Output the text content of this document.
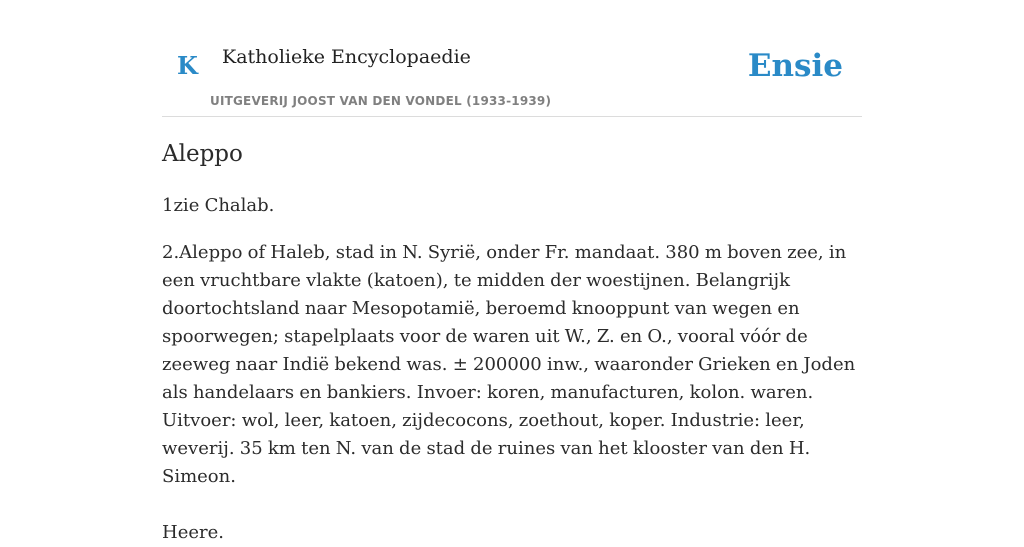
K Katholieke Encyclopaedie
UITGEVERIJ JOOST VAN DEN VONDEL (1933-1939)
Ensie
Aleppo

1zie Chalab.

2.Aleppo of Haleb, stad in N. Syrië, onder Fr. mandaat. 380 m boven zee, in een vruchtbare vlakte (katoen), te midden der woestijnen. Belangrijk doortochtsland naar Mesopotamië, beroemd knooppunt van wegen en spoorwegen; stapelplaats voor de waren uit W., Z. en O., vooral vóór de zeeweg naar Indië bekend was. ± 200000 inw., waaronder Grieken en Joden als handelaars en bankiers. Invoer: koren, manufacturen, kolon. waren. Uitvoer: wol, leer, katoen, zijdecocons, zoethout, koper. Industrie: leer, weverij. 35 km ten N. van de stad de ruines van het klooster van den H. Simeon.

Heere.
